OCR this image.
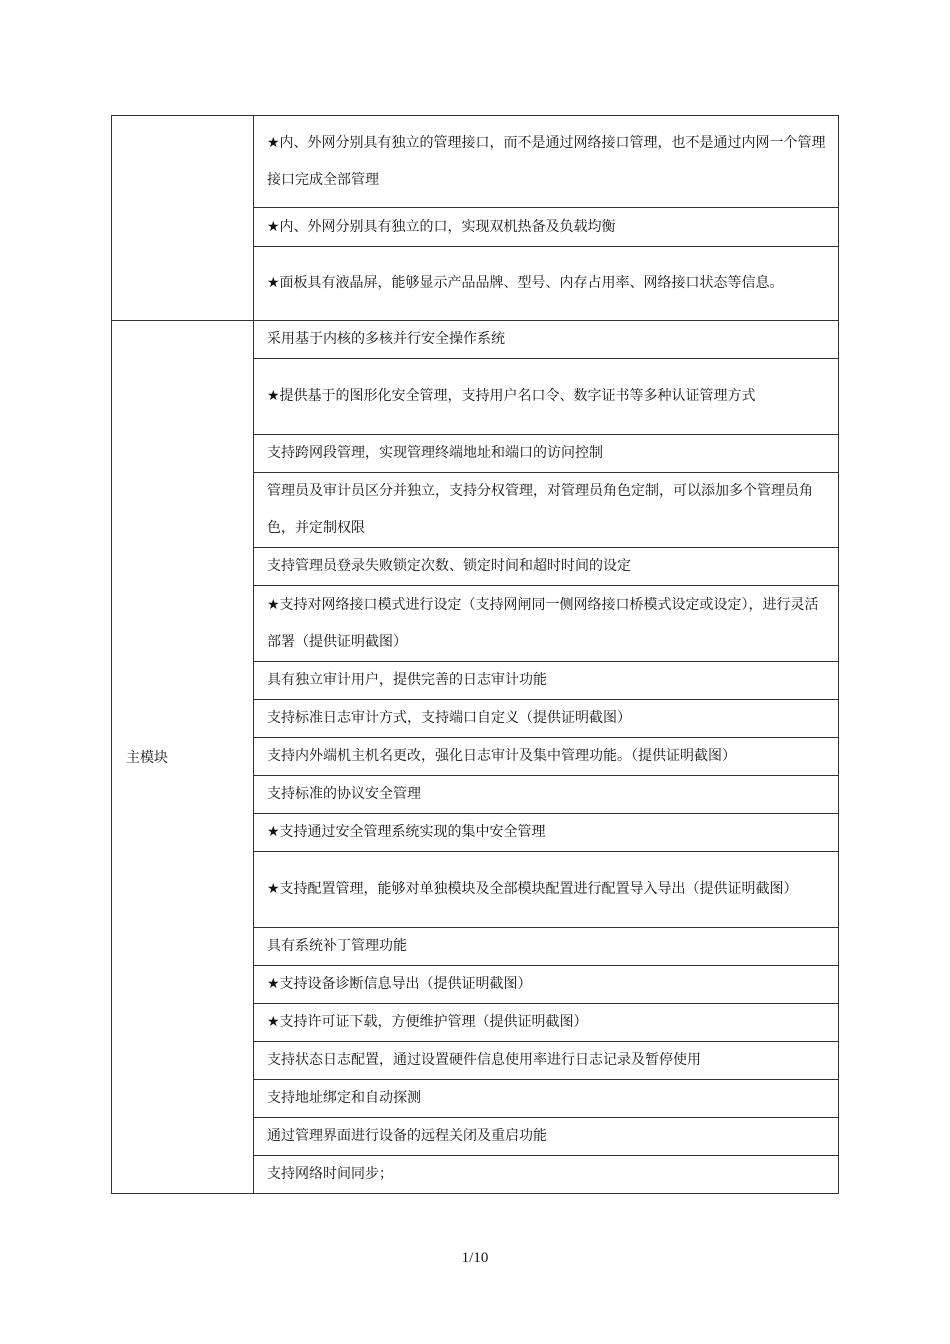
	★内、外网分别具有独立的管理接口，而不是通过网络接口管理，也不是通过内网一个管理接口完成全部管理
	★内、外网分别具有独立的口，实现双机热备及负载均衡
	★面板具有液晶屏，能够显示产品品牌、型号、内存占用率、网络接口状态等信息。
主模块	采用基于内核的多核并行安全操作系统
	★提供基于的图形化安全管理，支持用户名口令、数字证书等多种认证管理方式
	支持跨网段管理，实现管理终端地址和端口的访问控制
	管理员及审计员区分并独立，支持分权管理，对管理员角色定制，可以添加多个管理员角色，并定制权限
	支持管理员登录失败锁定次数、锁定时间和超时时间的设定
	★支持对网络接口模式进行设定（支持网闸同一侧网络接口桥模式设定或设定），进行灵活部署（提供证明截图）
	具有独立审计用户，提供完善的日志审计功能
	支持标准日志审计方式，支持端口自定义（提供证明截图）
	支持内外端机主机名更改，强化日志审计及集中管理功能。（提供证明截图）
	支持标准的协议安全管理
	★支持通过安全管理系统实现的集中安全管理
	★支持配置管理，能够对单独模块及全部模块配置进行配置导入导出（提供证明截图）
	具有系统补丁管理功能
	★支持设备诊断信息导出（提供证明截图）
	★支持许可证下载，方便维护管理（提供证明截图）
	支持状态日志配置，通过设置硬件信息使用率进行日志记录及暂停使用
	支持地址绑定和自动探测
	通过管理界面进行设备的远程关闭及重启功能
	支持网络时间同步；
1/10
